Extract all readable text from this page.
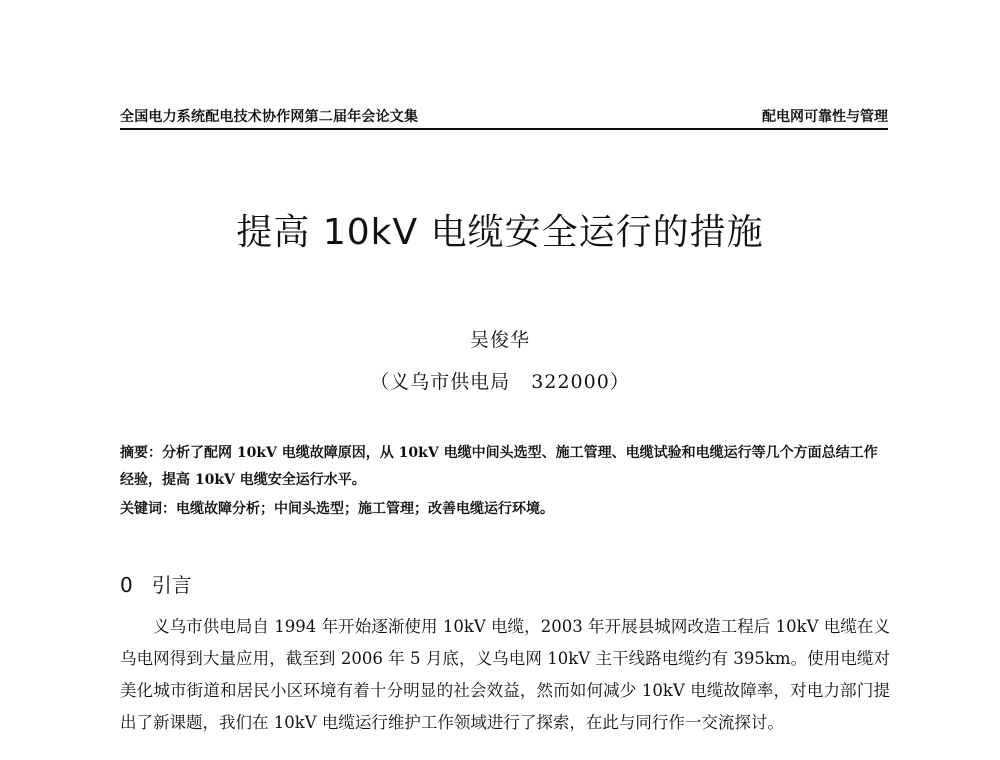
全国电力系统配电技术协作网第二届年会论文集	配电网可靠性与管理
提高 10kV 电缆安全运行的措施
吴俊华
（义乌市供电局   322000）
摘要：分析了配网 10kV 电缆故障原因，从 10kV 电缆中间头选型、施工管理、电缆试验和电缆运行等几个方面总结工作经验，提高 10kV 电缆安全运行水平。
关键词：电缆故障分析；中间头选型；施工管理；改善电缆运行环境。
0   引言
义乌市供电局自 1994 年开始逐渐使用 10kV 电缆，2003 年开展县城网改造工程后 10kV 电缆在义乌电网得到大量应用，截至到 2006 年 5 月底，义乌电网 10kV 主干线路电缆约有 395km。使用电缆对美化城市街道和居民小区环境有着十分明显的社会效益，然而如何减少 10kV 电缆故障率，对电力部门提出了新课题，我们在 10kV 电缆运行维护工作领域进行了探索，在此与同行作一交流探讨。
